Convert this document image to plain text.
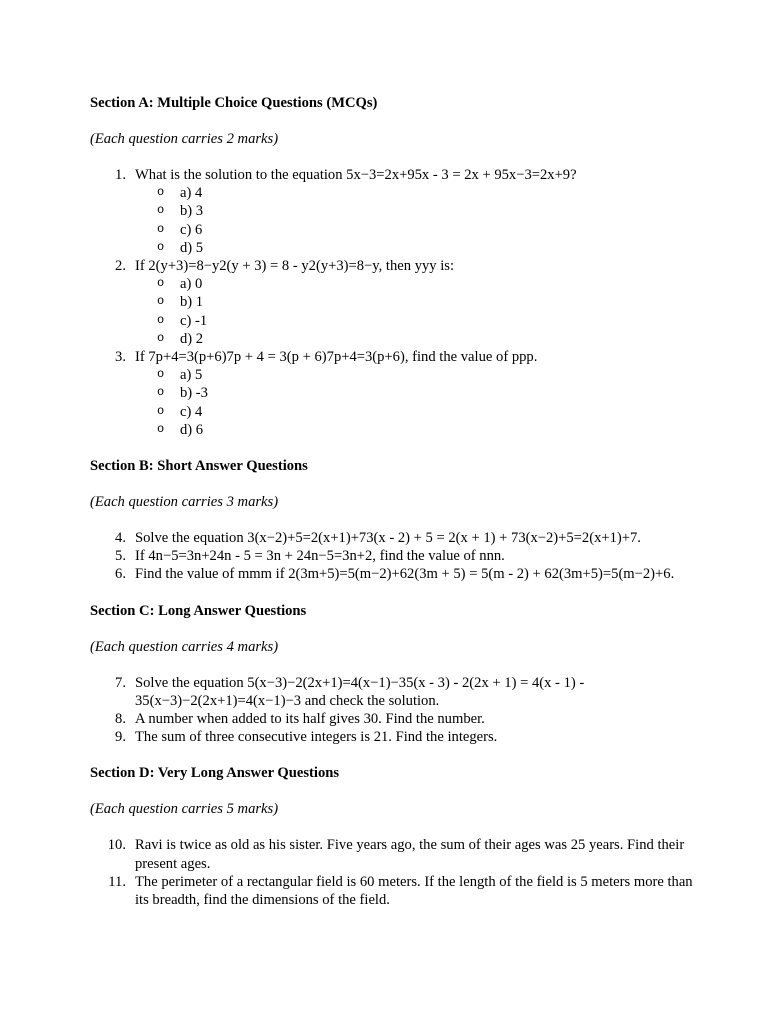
Section A: Multiple Choice Questions (MCQs)
(Each question carries 2 marks)
1. What is the solution to the equation 5x−3=2x+95x - 3 = 2x + 95x−3=2x+9?
o a) 4
o b) 3
o c) 6
o d) 5
2. If 2(y+3)=8−y2(y + 3) = 8 - y2(y+3)=8−y, then yyy is:
o a) 0
o b) 1
o c) -1
o d) 2
3. If 7p+4=3(p+6)7p + 4 = 3(p + 6)7p+4=3(p+6), find the value of ppp.
o a) 5
o b) -3
o c) 4
o d) 6
Section B: Short Answer Questions
(Each question carries 3 marks)
4. Solve the equation 3(x−2)+5=2(x+1)+73(x - 2) + 5 = 2(x + 1) + 73(x−2)+5=2(x+1)+7.
5. If 4n−5=3n+24n - 5 = 3n + 24n−5=3n+2, find the value of nnn.
6. Find the value of mmm if 2(3m+5)=5(m−2)+62(3m + 5) = 5(m - 2) + 62(3m+5)=5(m−2)+6.
Section C: Long Answer Questions
(Each question carries 4 marks)
7. Solve the equation 5(x−3)−2(2x+1)=4(x−1)−35(x - 3) - 2(2x + 1) = 4(x - 1) - 35(x−3)−2(2x+1)=4(x−1)−3 and check the solution.
8. A number when added to its half gives 30. Find the number.
9. The sum of three consecutive integers is 21. Find the integers.
Section D: Very Long Answer Questions
(Each question carries 5 marks)
10. Ravi is twice as old as his sister. Five years ago, the sum of their ages was 25 years. Find their present ages.
11. The perimeter of a rectangular field is 60 meters. If the length of the field is 5 meters more than its breadth, find the dimensions of the field.
